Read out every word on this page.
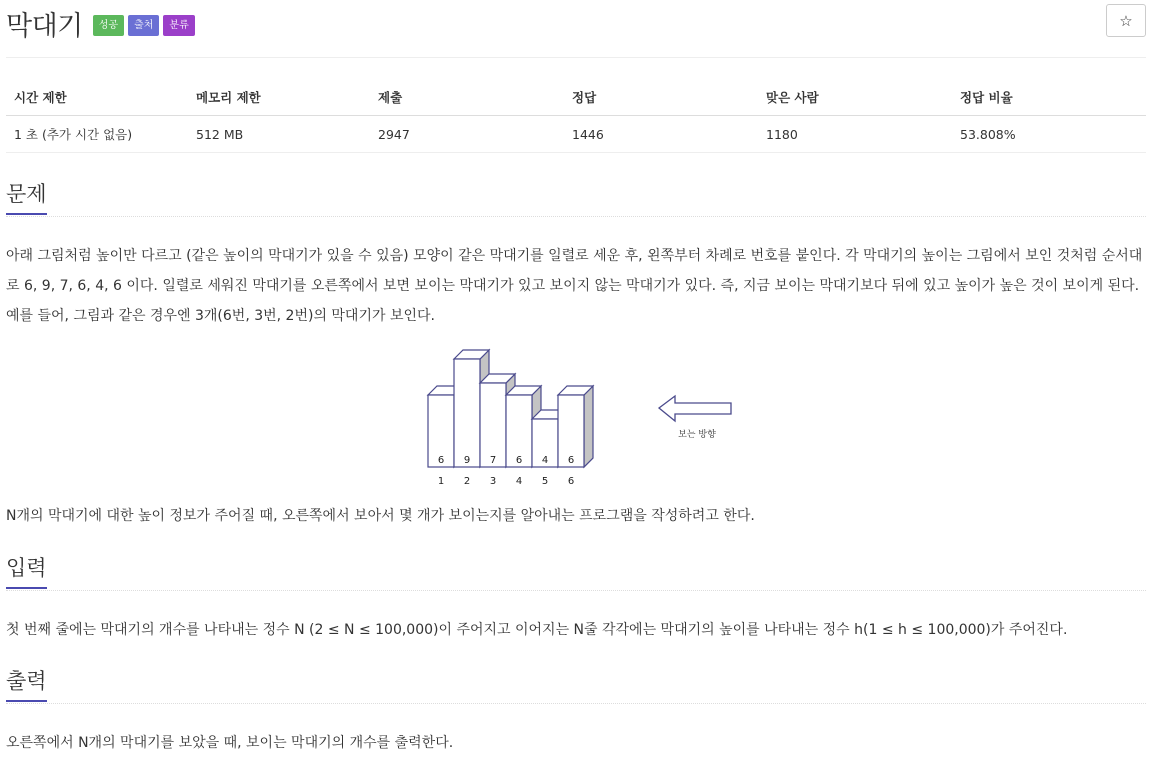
막대기	성공	출처	분류	☆
시간 제한	메모리 제한	제출	정답	맞은 사람	정답 비율
1 초 (추가 시간 없음)	512 MB	2947	1446	1180	53.808%
문제

아래 그림처럼 높이만 다르고 (같은 높이의 막대기가 있을 수 있음) 모양이 같은 막대기를 일렬로 세운 후, 왼쪽부터 차례로 번호를 붙인다. 각 막대기의 높이는 그림에서 보인 것처럼 순서대로 6, 9, 7, 6, 4, 6 이다. 일렬로 세워진 막대기를 오른쪽에서 보면 보이는 막대기가 있고 보이지 않는 막대기가 있다. 즉, 지금 보이는 막대기보다 뒤에 있고 높이가 높은 것이 보이게 된다. 예를 들어, 그림과 같은 경우엔 3개(6번, 3번, 2번)의 막대기가 보인다.

6
1
9
2
7
3
6
4
4
5
6
6
보는 방향

N개의 막대기에 대한 높이 정보가 주어질 때, 오른쪽에서 보아서 몇 개가 보이는지를 알아내는 프로그램을 작성하려고 한다.

입력

첫 번째 줄에는 막대기의 개수를 나타내는 정수 N (2 ≤ N ≤ 100,000)이 주어지고 이어지는 N줄 각각에는 막대기의 높이를 나타내는 정수 h(1 ≤ h ≤ 100,000)가 주어진다.

출력

오른쪽에서 N개의 막대기를 보았을 때, 보이는 막대기의 개수를 출력한다.
